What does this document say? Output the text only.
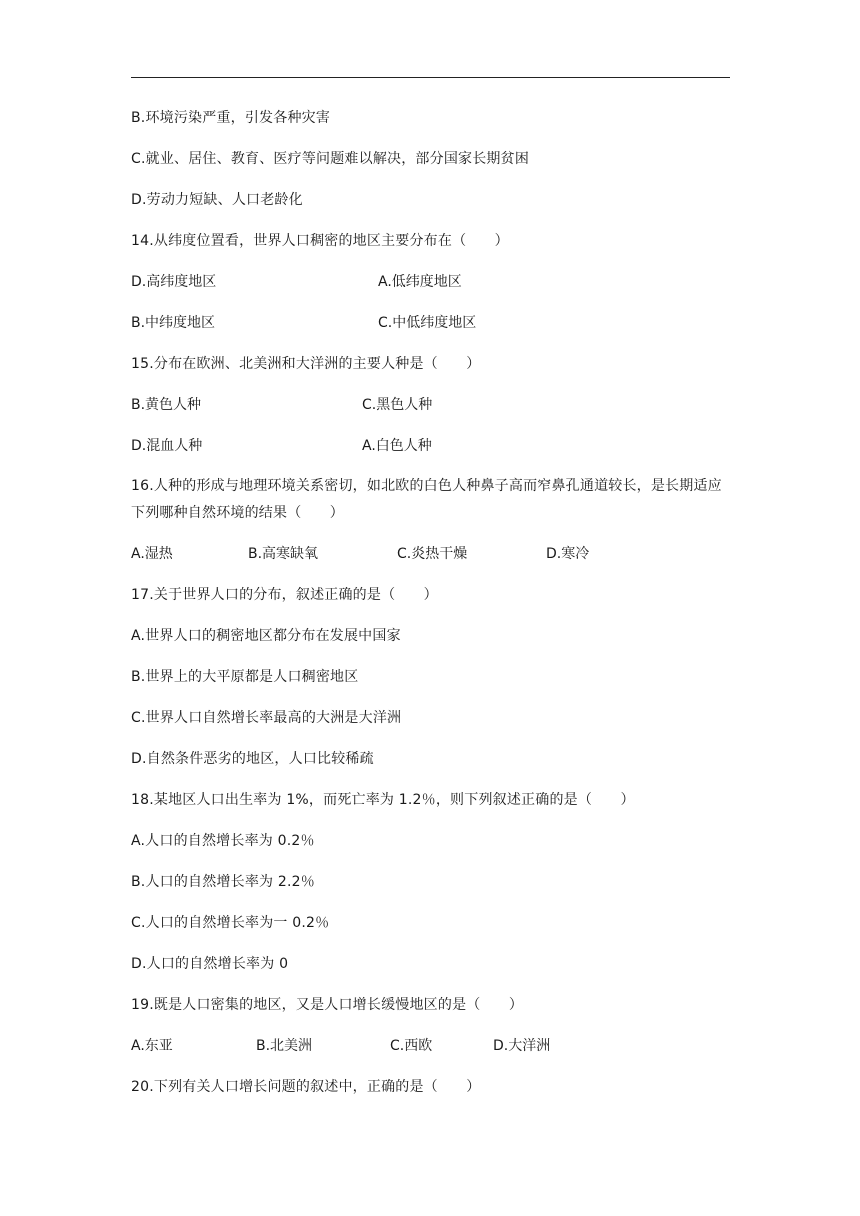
B.环境污染严重，引发各种灾害
C.就业、居住、教育、医疗等问题难以解决，部分国家长期贫困
D.劳动力短缺、人口老龄化
14.从纬度位置看，世界人口稠密的地区主要分布在（　　）
D.高纬度地区	A.低纬度地区
B.中纬度地区	C.中低纬度地区
15.分布在欧洲、北美洲和大洋洲的主要人种是（　　）
B.黄色人种	C.黑色人种
D.混血人种	A.白色人种
16.人种的形成与地理环境关系密切，如北欧的白色人种鼻子高而窄鼻孔通道较长，是长期适应下列哪种自然环境的结果（　　）
A.湿热	B.高寒缺氧	C.炎热干燥	D.寒冷
17.关于世界人口的分布，叙述正确的是（　　）
A.世界人口的稠密地区都分布在发展中国家
B.世界上的大平原都是人口稠密地区
C.世界人口自然增长率最高的大洲是大洋洲
D.自然条件恶劣的地区，人口比较稀疏
18.某地区人口出生率为 1%，而死亡率为 1.2％，则下列叙述正确的是（　　）
A.人口的自然增长率为 0.2％
B.人口的自然增长率为 2.2％
C.人口的自然增长率为一 0.2％
D.人口的自然增长率为 0
19.既是人口密集的地区，又是人口增长缓慢地区的是（　　）
A.东亚	B.北美洲	C.西欧	D.大洋洲
20.下列有关人口增长问题的叙述中，正确的是（　　）
